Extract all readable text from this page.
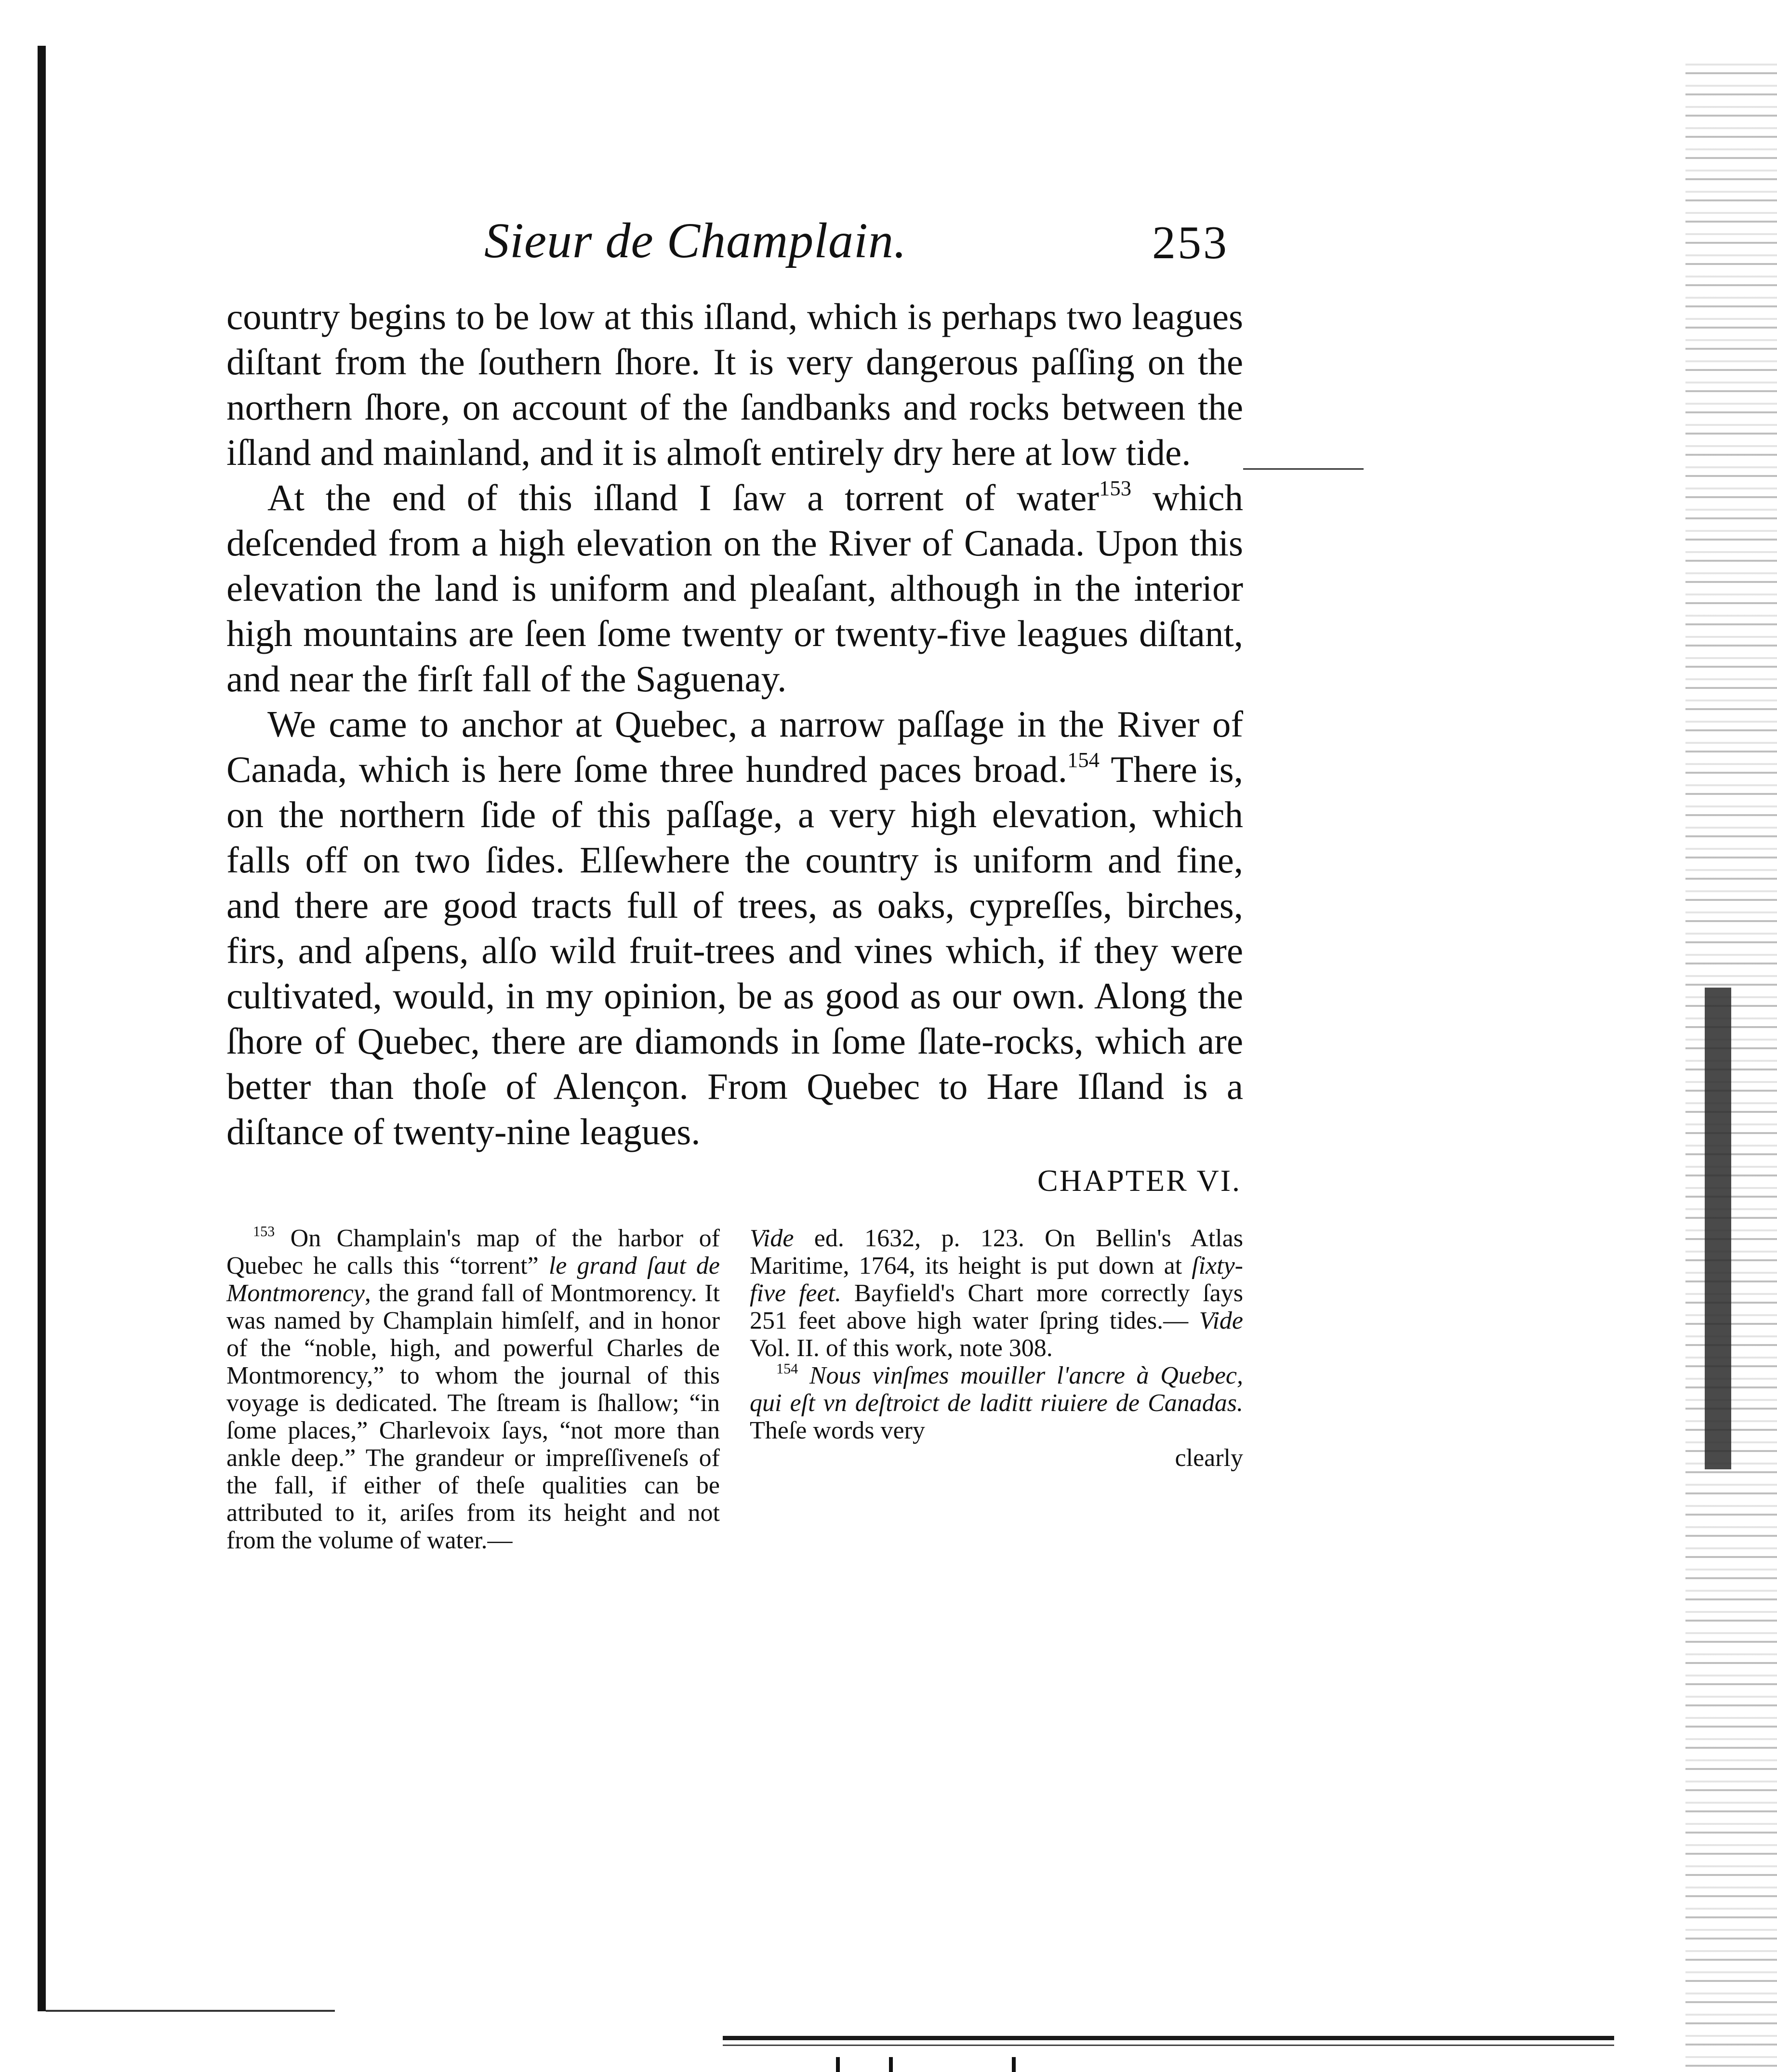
Sieur de Champlain.	253

country begins to be low at this iſland, which is perhaps two leagues diſtant from the ſouthern ſhore. It is very dangerous paſſing on the northern ſhore, on account of the ſandbanks and rocks between the iſland and mainland, and it is almoſt entirely dry here at low tide.

At the end of this iſland I ſaw a torrent of water$^{153}$ which deſcended from a high elevation on the River of Canada. Upon this elevation the land is uniform and pleaſant, although in the interior high mountains are ſeen ſome twenty or twenty-five leagues diſtant, and near the firſt fall of the Saguenay.

We came to anchor at Quebec, a narrow paſſage in the River of Canada, which is here ſome three hundred paces broad.$^{154}$ There is, on the northern ſide of this paſſage, a very high elevation, which falls off on two ſides. Elſewhere the country is uniform and fine, and there are good tracts full of trees, as oaks, cypreſſes, birches, firs, and aſpens, alſo wild fruit-trees and vines which, if they were cultivated, would, in my opinion, be as good as our own. Along the ſhore of Quebec, there are diamonds in ſome ſlate-rocks, which are better than thoſe of Alençon. From Quebec to Hare Iſland is a diſtance of twenty-nine leagues.

CHAPTER VI.

$^{153}$ On Champlain's map of the harbor of Quebec he calls this “torrent” le grand ſaut de Montmorency, the grand fall of Montmorency. It was named by Champlain himſelf, and in honor of the “noble, high, and powerful Charles de Montmorency,” to whom the journal of this voyage is dedicated. The ſtream is ſhallow; “in ſome places,” Charlevoix ſays, “not more than ankle deep.” The grandeur or impreſſiveneſs of the fall, if either of theſe qualities can be attributed to it, ariſes from its height and not from the volume of water.—

Vide ed. 1632, p. 123. On Bellin's Atlas Maritime, 1764, its height is put down at ſixty-five feet. Bayfield's Chart more correctly ſays 251 feet above high water ſpring tides.— Vide Vol. II. of this work, note 308.

$^{154}$ Nous vinſmes mouiller l'ancre à Quebec, qui eſt vn deſtroict de laditt riuiere de Canadas. Theſe words very

clearly
